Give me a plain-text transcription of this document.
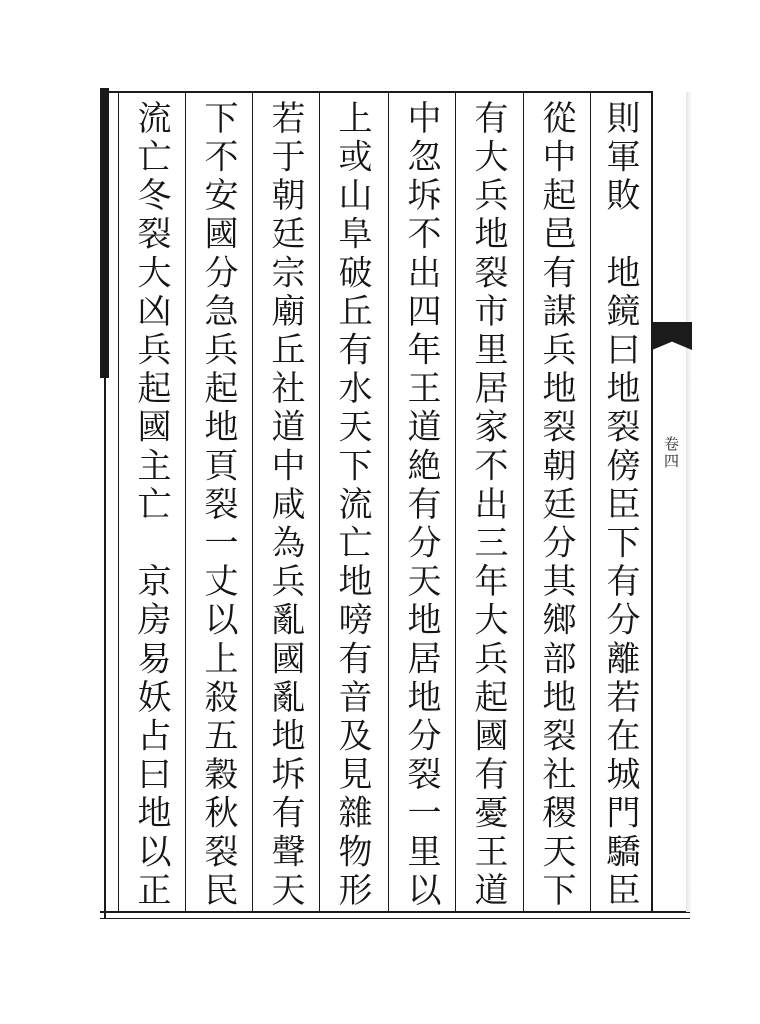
卷四
則軍敗　地鏡曰地裂傍臣下有分離若在城門驕臣
從中起邑有謀兵地裂朝廷分其鄉部地裂社稷天下
有大兵地裂市里居家不出三年大兵起國有憂王道
中忽坼不出四年王道絶有分天地居地分裂一里以
上或山阜破丘有水天下流亡地嗙有音及見雜物形
若于朝廷宗廟丘社道中咸為兵亂國亂地坼有聲天
下不安國分急兵起地頁裂一丈以上殺五穀秋裂民
流亡冬裂大凶兵起國主亡　京房易妖占曰地以正
